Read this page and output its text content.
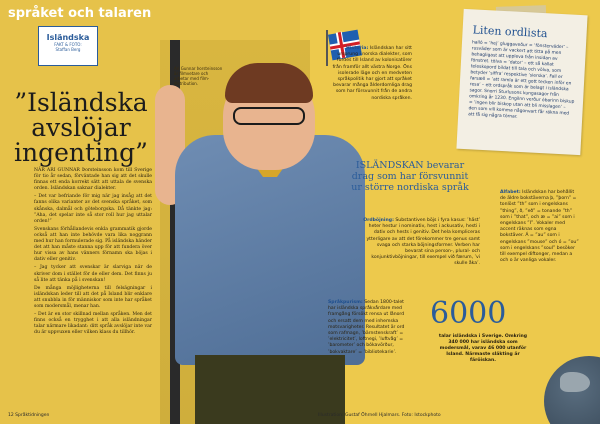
språket och talaren
Isländska
FAKT & FOTO:
Staffan Berg
Ari Gunnar Þorsteinsson är filmvetare och arbetar med film-distribution.
”Isländska avslöjar ingenting”

NÄR ARI GUNNAR Þorsteinsson kom till Sverige för tio år sedan, förväntade han sig att det skulle finnas ett enda korrekt sätt att uttala de svenska orden. Isländskan saknar dialekter.

– Det var befriande för mig när jag insåg att det fanns olika varianter av det svenska språket, som skånska, dalmål och göteborgska. Då tänkte jag: ”Aha, det spelar inte så stor roll hur jag uttalar orden!”

Svenskans förhållandevis enkla grammatik gjorde också att han inte behövde vara lika noggrann med hur han formulerade sig. På isländska händer det att han måste stanna upp för att fundera över hur vissa av hans vänners förnamn ska böjas i dativ eller genitiv.

– Jag tycker att svenskar är slarviga när de skriver dom i stället för de eller dem. Det finns ju så lite att tänka på i svenskan!

De många möjligheterna till felsägningar i isländskan leder till att det på Island blir enklare att snubbla in för människor som inte har språket som modersmål, menar han.

– Det är en stor skillnad mellan språken. Men det finns också en trygghet i att alla isländningar talar närmare likadant: ditt språk avslöjar inte var du är uppvuxen eller vilken klass du tillhör.

12 Språktidningen	Illustration: Gustaf Öhrnell Hjalmars. Foto: Istockphoto
Historia: Isländskan har sitt ursprung i norska dialekter, som fördes till Island av kolonisatörer från framför allt västra Norge. Öns isolerade läge och en medveten språkpolitik har gjort att språket bevarar många ålderdomliga drag som har försvunnit från de andra nordiska språken.
Liten ordlista
halló = ’hej’ gluggaveður = ’fönsterväder’ – rusväder som är vackert att titta på men behagligast att uppleva från insidan av fönstret. tölva = ’dator’ – ett så kallat teleskopord bildat till tala och völva, som betyder ’siffra’ respektive ’sierska’. Fall er farsæll = ’att ramla är ett gott tecken inför en resa’ – ett ordspråk som är belagt i isländska sagor. Snorri Sturlusons kungasagor från omkring år 1230. Engilnn verður óbarinn biskup = ’ingen blir biskop utan att bli misslagen’ – den som vill komma någonvart får räkna med att få sig några törnar.
ISLÄNDSKAN bevarar drag som har försvunnit ur större nordiska språk
Ordböjning: Substantiven böjs i fyra kasus: ’häst’ heter hestur i nominativ, hest i ackusativ, hesti i dativ och hests i genitiv. Det hela kompliceras ytterligare av att det förekommer tre genus samt svaga och starka böjningsformer. Verben har bevarat sina person-, plural- och konjunktivböjningar, till exempel við færum, ’vi skulle åka’.
Språkpurism: Sedan 1800-talet har isländska språkvårdare med framgång försökt rensa ut lånord och ersatt dem med inhemska motsvarigheter. Resultatet är ord som rafmagn, ’bärnstenskraft’ = ’elektricitet’, loftnegi, ’luftvåg’ = ’barometer’ och bókavörður, ’bokvaktare’ = ’bibliotekarie’.
Alfabet: Isländskan har behållit de äldre bokstäverna þ, ”þorn” = tonlöst ”th” som i engelskans ”thing”, ð, ”eð” = tonande ”th” som i ”that”, och æ = ”ai” som i engelskans ”I”. Vokaler med accent räknas som egna bokstäver. Á = ”au” som i engelskans ”mouse” och ó = ”ou” som i engelskans ”soul” besöker till exempel diftonger, medan a och o är vanliga vokaler.
6000
talar isländska i Sverige. Omkring 340 000 har isländska som modersmål, varav 46 000 utanför Island. Närmaste släkting är färöiskan.
